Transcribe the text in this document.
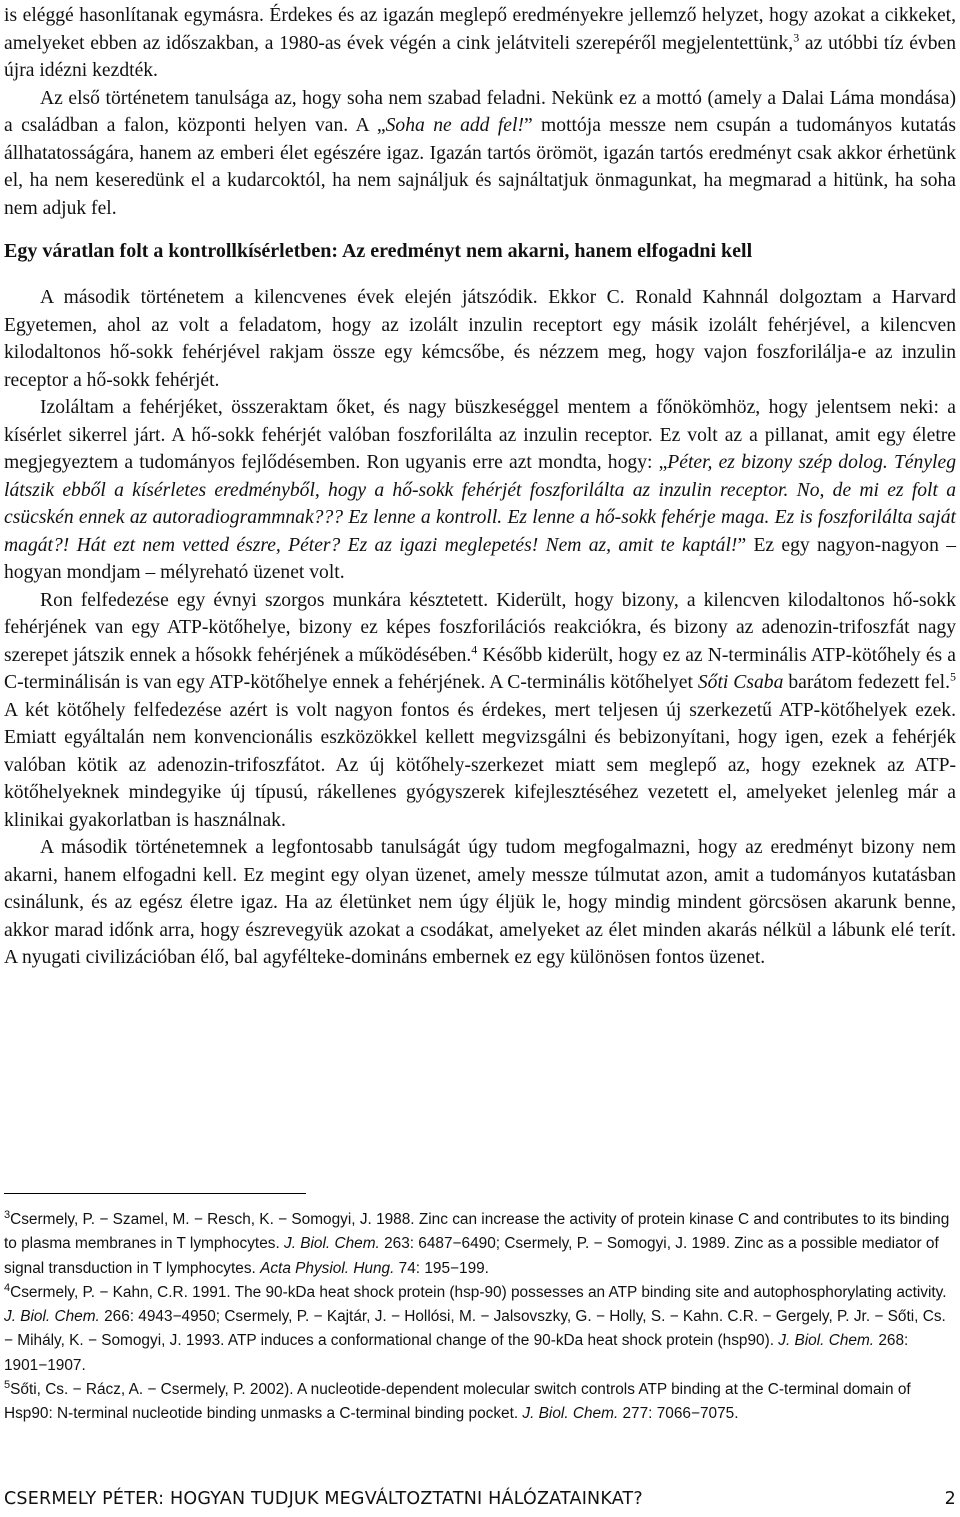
is eléggé hasonlítanak egymásra. Érdekes és az igazán meglepő eredményekre jellemző helyzet, hogy azokat a cikkeket, amelyeket ebben az időszakban, a 1980-as évek végén a cink jelátviteli szerepéről megjelentettünk,$^3$ az utóbbi tíz évben újra idézni kezdték.

Az első történetem tanulsága az, hogy soha nem szabad feladni. Nekünk ez a mottó (amely a Dalai Láma mondása) a családban a falon, központi helyen van. A „Soha ne add fel!” mottója messze nem csupán a tudományos kutatás állhatatosságára, hanem az emberi élet egészére igaz. Igazán tartós örömöt, igazán tartós eredményt csak akkor érhetünk el, ha nem keseredünk el a kudarcoktól, ha nem sajnáljuk és sajnáltatjuk önmagunkat, ha megmarad a hitünk, ha soha nem adjuk fel.

Egy váratlan folt a kontrollkísérletben: Az eredményt nem akarni, hanem elfogadni kell

A második történetem a kilencvenes évek elején játszódik. Ekkor C. Ronald Kahnnál dolgoztam a Harvard Egyetemen, ahol az volt a feladatom, hogy az izolált inzulin receptort egy másik izolált fehérjével, a kilencven kilodaltonos hő-sokk fehérjével rakjam össze egy kémcsőbe, és nézzem meg, hogy vajon foszforilálja-e az inzulin receptor a hő-sokk fehérjét.

Izoláltam a fehérjéket, összeraktam őket, és nagy büszkeséggel mentem a főnökömhöz, hogy jelentsem neki: a kísérlet sikerrel járt. A hő-sokk fehérjét valóban foszforilálta az inzulin receptor. Ez volt az a pillanat, amit egy életre megjegyeztem a tudományos fejlődésemben. Ron ugyanis erre azt mondta, hogy: „Péter, ez bizony szép dolog. Tényleg látszik ebből a kísérletes eredményből, hogy a hő-sokk fehérjét foszforilálta az inzulin receptor. No, de mi ez folt a csücskén ennek az autoradiogrammnak??? Ez lenne a kontroll. Ez lenne a hő-sokk fehérje maga. Ez is foszforilálta saját magát?! Hát ezt nem vetted észre, Péter? Ez az igazi meglepetés! Nem az, amit te kaptál!” Ez egy nagyon-nagyon – hogyan mondjam – mélyreható üzenet volt.

Ron felfedezése egy évnyi szorgos munkára késztetett. Kiderült, hogy bizony, a kilencven kilodaltonos hő-sokk fehérjének van egy ATP-kötőhelye, bizony ez képes foszforilációs reakciókra, és bizony az adenozin-trifoszfát nagy szerepet játszik ennek a hősokk fehérjének a működésében.$^4$ Később kiderült, hogy ez az N-terminális ATP-kötőhely és a C-terminálisán is van egy ATP-kötőhelye ennek a fehérjének. A C-terminális kötőhelyet Sőti Csaba barátom fedezett fel.$^5$ A két kötőhely felfedezése azért is volt nagyon fontos és érdekes, mert teljesen új szerkezetű ATP-kötőhelyek ezek. Emiatt egyáltalán nem konvencionális eszközökkel kellett megvizsgálni és bebizonyítani, hogy igen, ezek a fehérjék valóban kötik az adenozin-trifoszfátot. Az új kötőhely-szerkezet miatt sem meglepő az, hogy ezeknek az ATP-kötőhelyeknek mindegyike új típusú, rákellenes gyógyszerek kifejlesztéséhez vezetett el, amelyeket jelenleg már a klinikai gyakorlatban is használnak.

A második történetemnek a legfontosabb tanulságát úgy tudom megfogalmazni, hogy az eredményt bizony nem akarni, hanem elfogadni kell. Ez megint egy olyan üzenet, amely messze túlmutat azon, amit a tudományos kutatásban csinálunk, és az egész életre igaz. Ha az életünket nem úgy éljük le, hogy mindig mindent görcsösen akarunk benne, akkor marad időnk arra, hogy észrevegyük azokat a csodákat, amelyeket az élet minden akarás nélkül a lábunk elé terít. A nyugati civilizációban élő, bal agyfélteke-domináns embernek ez egy különösen fontos üzenet.

$^3$Csermely, P. − Szamel, M. − Resch, K. − Somogyi, J. 1988. Zinc can increase the activity of protein kinase C and contributes to its binding to plasma membranes in T lymphocytes. J. Biol. Chem. 263: 6487−6490; Csermely, P. − Somogyi, J. 1989. Zinc as a possible mediator of signal transduction in T lymphocytes. Acta Physiol. Hung. 74: 195−199.

$^4$Csermely, P. − Kahn, C.R. 1991. The 90-kDa heat shock protein (hsp-90) possesses an ATP binding site and autophosphorylating activity. J. Biol. Chem. 266: 4943−4950; Csermely, P. − Kajtár, J. − Hollósi, M. − Jalsovszky, G. − Holly, S. − Kahn. C.R. − Gergely, P. Jr. − Sőti, Cs. − Mihály, K. − Somogyi, J. 1993. ATP induces a conformational change of the 90-kDa heat shock protein (hsp90). J. Biol. Chem. 268: 1901−1907.

$^5$Sőti, Cs. − Rácz, A. − Csermely, P. 2002). A nucleotide-dependent molecular switch controls ATP binding at the C-terminal domain of Hsp90: N-terminal nucleotide binding unmasks a C-terminal binding pocket. J. Biol. Chem. 277: 7066−7075.

CSERMELY PÉTER: HOGYAN TUDJUK MEGVÁLTOZTATNI HÁLÓZATAINKAT?	2
